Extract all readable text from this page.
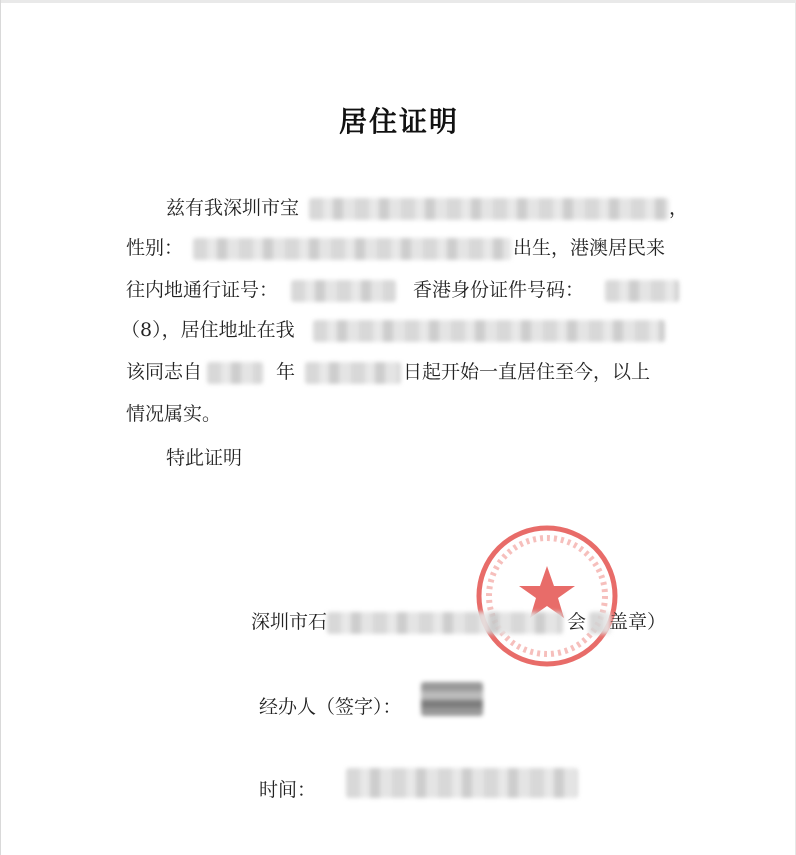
居住证明
兹有我深圳市宝	，
性别：	出生，港澳居民来
往内地通行证号：	香港身份证件号码：
（8），居住地址在我
该同志自	年	日起开始一直居住至今，以上
情况属实。
特此证明
深圳市石	会 盖章）
经办人（签字）：
时间：
